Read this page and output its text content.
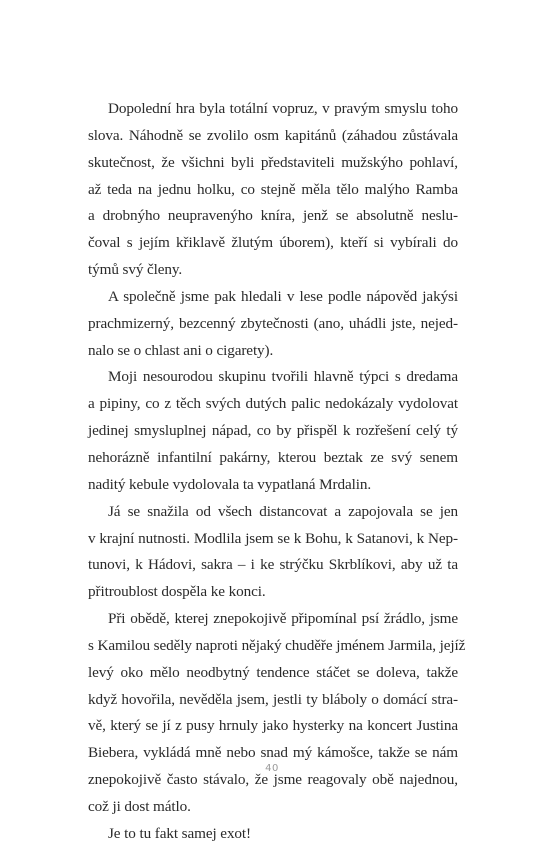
Dopolední hra byla totální vopruz, v pravým smyslu toho
slova. Náhodně se zvolilo osm kapitánů (záhadou zůstávala
skutečnost, že všichni byli představiteli mužskýho pohlaví,
až teda na jednu holku, co stejně měla tělo malýho Ramba
a drobnýho neupravenýho kníra, jenž se absolutně neslu-
čoval s jejím křiklavě žlutým úborem), kteří si vybírali do
týmů svý členy.
A společně jsme pak hledali v lese podle nápověd jakýsi
prachmizerný, bezcenný zbytečnosti (ano, uhádli jste, nejed-
nalo se o chlast ani o cigarety).
Moji nesourodou skupinu tvořili hlavně týpci s dredama
a pipiny, co z těch svých dutých palic nedokázaly vydolovat
jedinej smysluplnej nápad, co by přispěl k rozřešení celý tý
nehorázně infantilní pakárny, kterou beztak ze svý senem
naditý kebule vydolovala ta vypatlaná Mrdalin.
Já se snažila od všech distancovat a zapojovala se jen
v krajní nutnosti. Modlila jsem se k Bohu, k Satanovi, k Nep-
tunovi, k Hádovi, sakra – i ke strýčku Skrblíkovi, aby už ta
přitroublost dospěla ke konci.
Při obědě, kterej znepokojivě připomínal psí žrádlo, jsme
s Kamilou seděly naproti nějaký chuděře jménem Jarmila, jejíž
levý oko mělo neodbytný tendence stáčet se doleva, takže
když hovořila, nevěděla jsem, jestli ty bláboly o domácí stra-
vě, který se jí z pusy hrnuly jako hysterky na koncert Justina
Biebera, vykládá mně nebo snad mý kámošce, takže se nám
znepokojivě často stávalo, že jsme reagovaly obě najednou,
což ji dost mátlo.
Je to tu fakt samej exot!
40
